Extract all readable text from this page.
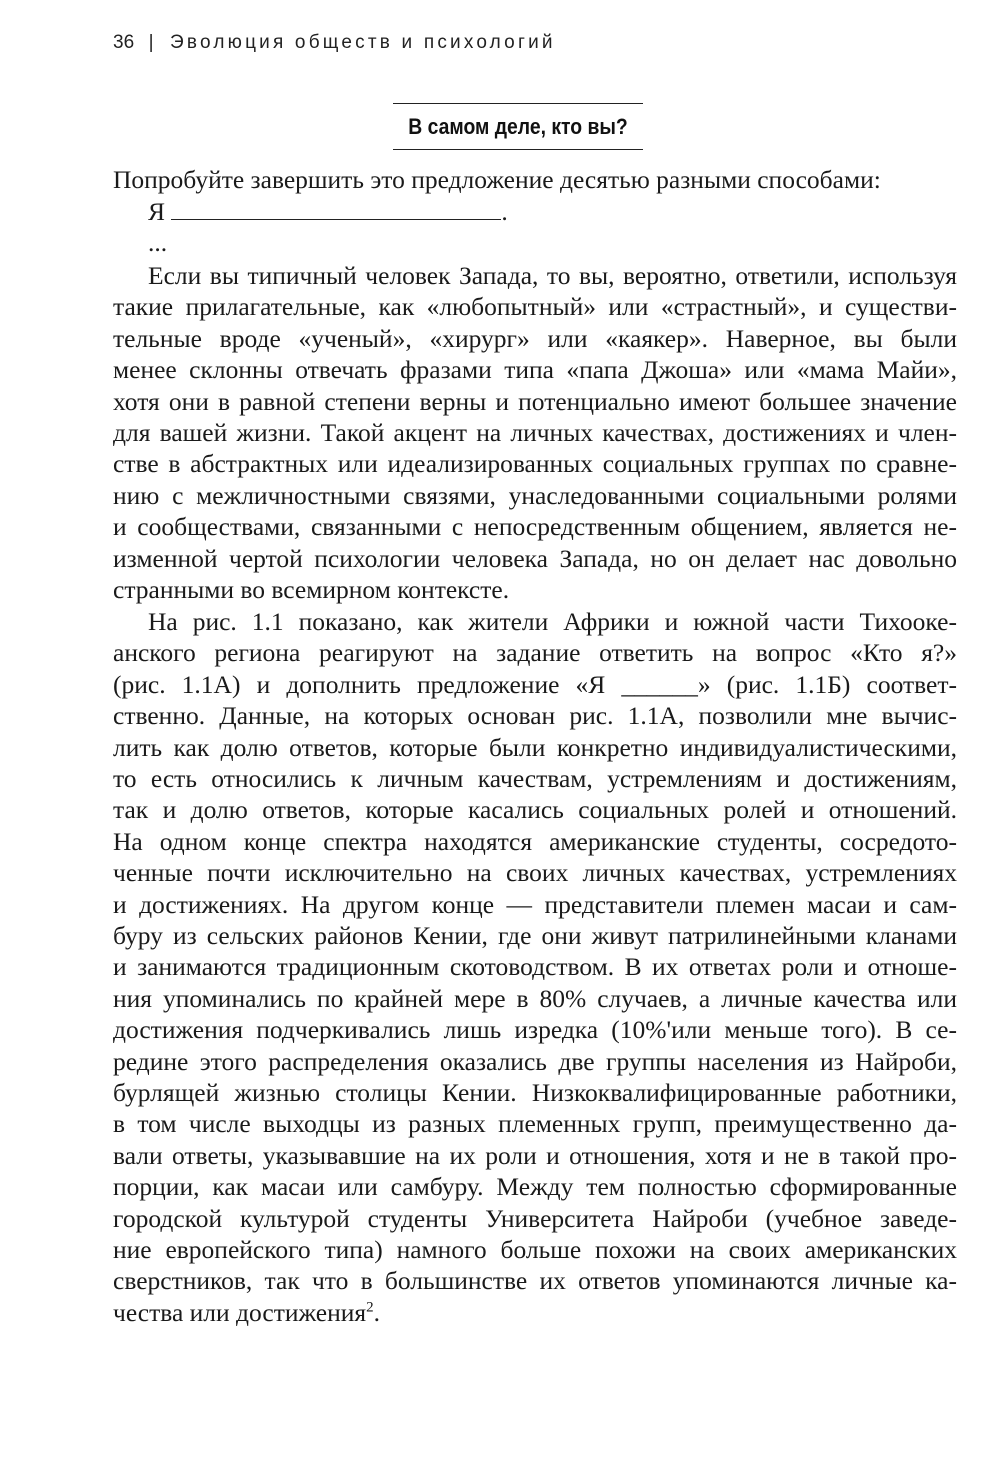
36 | Эволюция обществ и психологий
В самом деле, кто вы?
Попробуйте завершить это предложение десятью разными способами:
Я	.
...
Если вы типичный человек Запада, то вы, вероятно, ответили, используя
такие прилагательные, как «любопытный» или «страстный», и существи-
тельные вроде «ученый», «хирург» или «каякер». Наверное, вы были
менее склонны отвечать фразами типа «папа Джоша» или «мама Майи»,
хотя они в равной степени верны и потенциально имеют большее значение
для вашей жизни. Такой акцент на личных качествах, достижениях и член-
стве в абстрактных или идеализированных социальных группах по сравне-
нию с межличностными связями, унаследованными социальными ролями
и сообществами, связанными с непосредственным общением, является не-
изменной чертой психологии человека Запада, но он делает нас довольно
странными во всемирном контексте.
На рис. 1.1 показано, как жители Африки и южной части Тихооке-
анского региона реагируют на задание ответить на вопрос «Кто я?»
(рис. 1.1А) и дополнить предложение «Я ______» (рис. 1.1Б) соответ-
ственно. Данные, на которых основан рис. 1.1А, позволили мне вычис-
лить как долю ответов, которые были конкретно индивидуалистическими,
то есть относились к личным качествам, устремлениям и достижениям,
так и долю ответов, которые касались социальных ролей и отношений.
На одном конце спектра находятся американские студенты, сосредото-
ченные почти исключительно на своих личных качествах, устремлениях
и достижениях. На другом конце — представители племен масаи и сам-
буру из сельских районов Кении, где они живут патрилинейными кланами
и занимаются традиционным скотоводством. В их ответах роли и отноше-
ния упоминались по крайней мере в 80% случаев, а личные качества или
достижения подчеркивались лишь изредка (10%'или меньше того). В се-
редине этого распределения оказались две группы населения из Найроби,
бурлящей жизнью столицы Кении. Низкоквалифицированные работники,
в том числе выходцы из разных племенных групп, преимущественно да-
вали ответы, указывавшие на их роли и отношения, хотя и не в такой про-
порции, как масаи или самбуру. Между тем полностью сформированные
городской культурой студенты Университета Найроби (учебное заведе-
ние европейского типа) намного больше похожи на своих американских
сверстников, так что в большинстве их ответов упоминаются личные ка-
чества или достижения$^2$.
